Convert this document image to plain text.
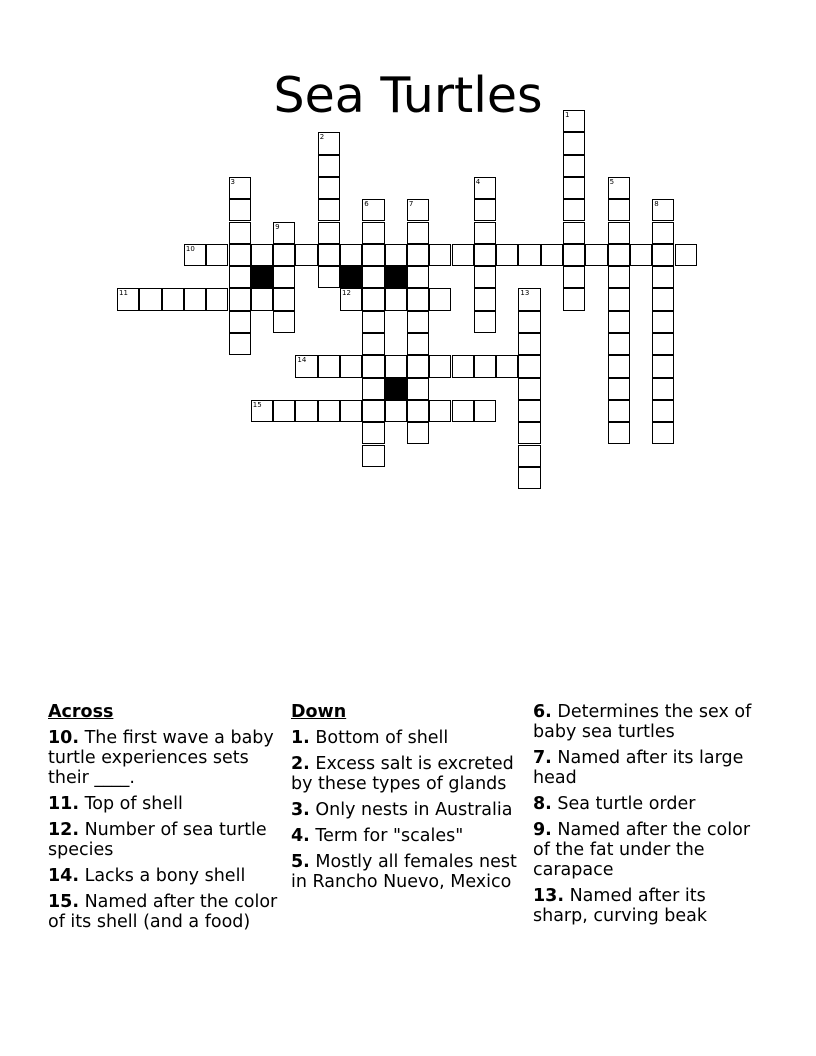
Sea Turtles	1
2
3	4	5
6	7	8
9
10
11	12	13
14
15
Across
10. The first wave a baby turtle experiences sets their ____.
11. Top of shell
12. Number of sea turtle species
14. Lacks a bony shell
15. Named after the color of its shell (and a food)
Down
1. Bottom of shell
2. Excess salt is excreted by these types of glands
3. Only nests in Australia
4. Term for "scales"
5. Mostly all females nest in Rancho Nuevo, Mexico
6. Determines the sex of baby sea turtles
7. Named after its large head
8. Sea turtle order
9. Named after the color of the fat under the carapace
13. Named after its sharp, curving beak
